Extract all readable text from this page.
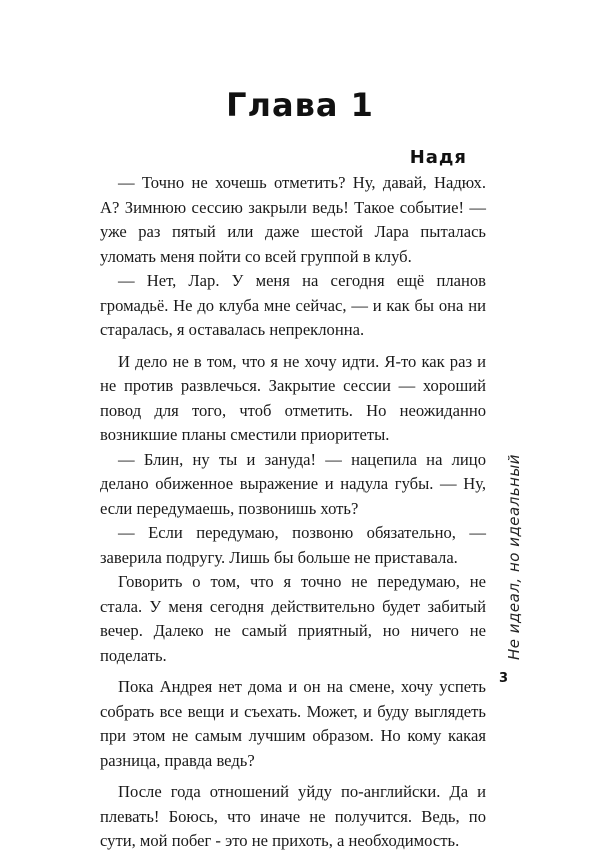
Глава 1
Надя

— Точно не хочешь отметить? Ну, давай, Надюх. А? Зимнюю сессию закрыли ведь! Такое событие! — уже раз пятый или даже шестой Лара пыталась уломать меня пойти со всей группой в клуб.

— Нет, Лар. У меня на сегодня ещё планов громадьё. Не до клуба мне сейчас, — и как бы она ни старалась, я оставалась непреклонна.

И дело не в том, что я не хочу идти. Я-то как раз и не против развлечься. Закрытие сессии — хороший повод для того, чтоб отметить. Но неожиданно возникшие планы сместили приоритеты.

— Блин, ну ты и зануда! — нацепила на лицо делано обиженное выражение и надула губы. — Ну, если передумаешь, позвонишь хоть?

— Если передумаю, позвоню обязательно, — заверила подругу. Лишь бы больше не приставала.

Говорить о том, что я точно не передумаю, не стала. У меня сегодня действительно будет забитый вечер. Далеко не самый приятный, но ничего не поделать.

Пока Андрея нет дома и он на смене, хочу успеть собрать все вещи и съехать. Может, и буду выглядеть при этом не самым лучшим образом. Но кому какая разница, правда ведь?

После года отношений уйду по-английски. Да и плевать! Боюсь, что иначе не получится. Ведь, по сути, мой побег - это не прихоть, а необходимость.

Не идеал, но идеальный
3
